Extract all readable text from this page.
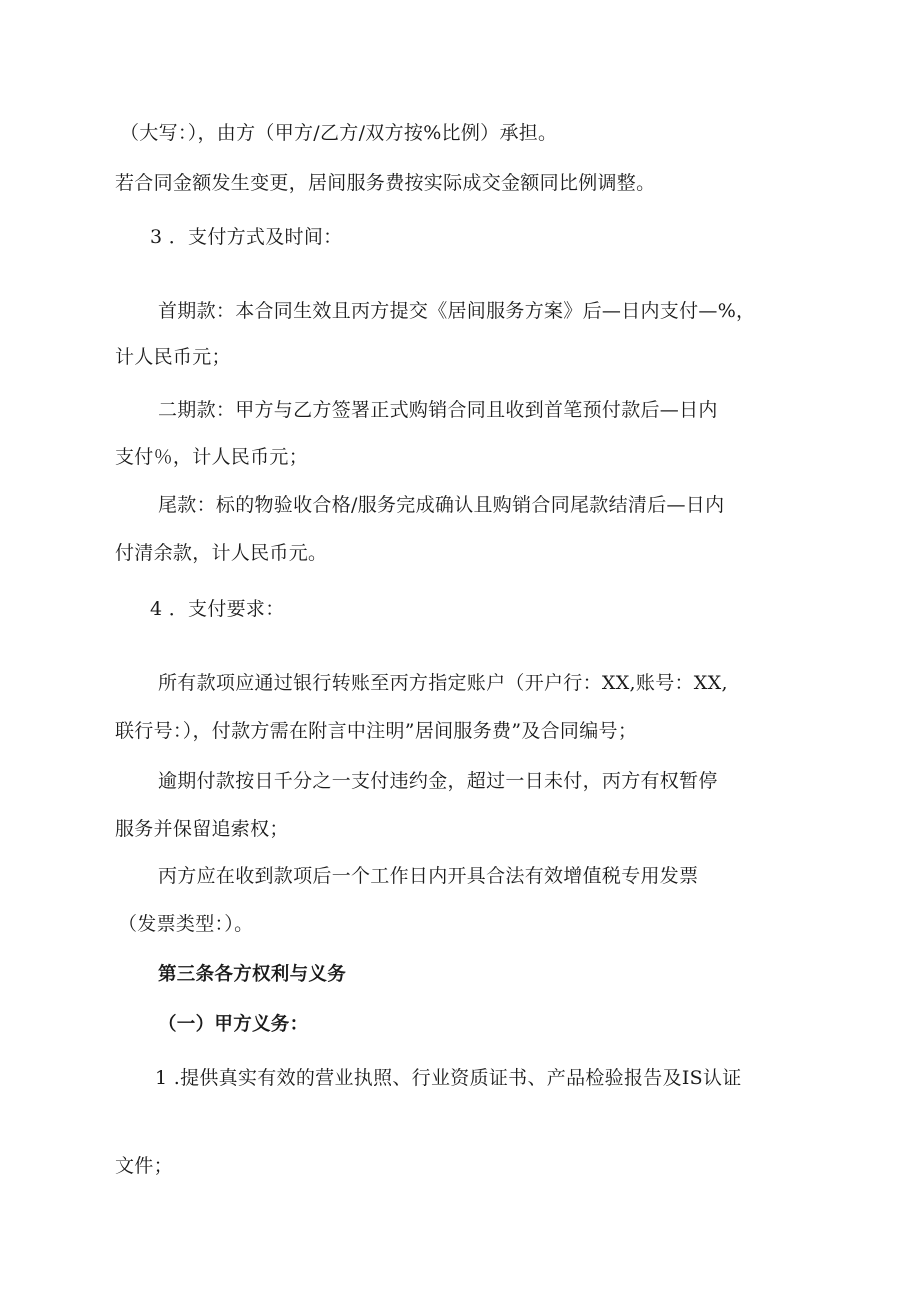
（大写：），由方（甲方/乙方/双方按%比例）承担。
若合同金额发生变更，居间服务费按实际成交金额同比例调整。
3 ．支付方式及时间：
首期款：本合同生效且丙方提交《居间服务方案》后—日内支付—%，
计人民币元；
二期款：甲方与乙方签署正式购销合同且收到首笔预付款后—日内
支付％，计人民币元；
尾款：标的物验收合格/服务完成确认且购销合同尾款结清后—日内
付清余款，计人民币元。
4 ．支付要求：
所有款项应通过银行转账至丙方指定账户（开户行：XX,账号：XX,
联行号：），付款方需在附言中注明”居间服务费”及合同编号；
逾期付款按日千分之一支付违约金，超过一日未付，丙方有权暂停
服务并保留追索权；
丙方应在收到款项后一个工作日内开具合法有效增值税专用发票
（发票类型：）。
第三条各方权利与义务
（一）甲方义务：
1 .提供真实有效的营业执照、行业资质证书、产品检验报告及IS认证
文件；
